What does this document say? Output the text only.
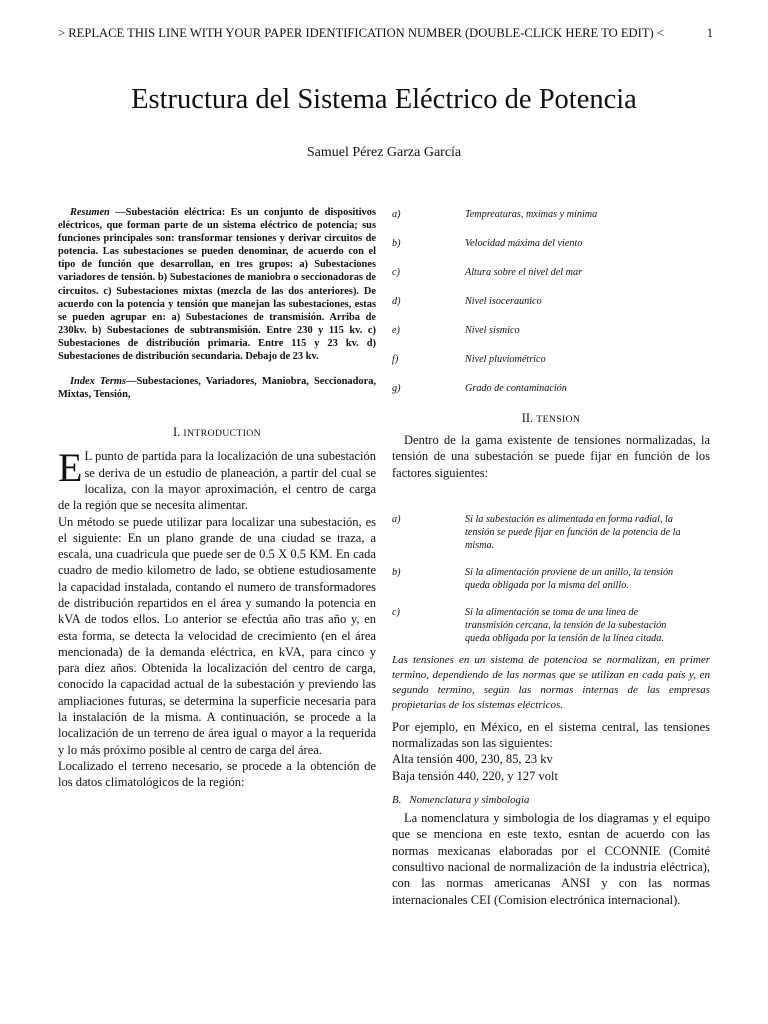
> REPLACE THIS LINE WITH YOUR PAPER IDENTIFICATION NUMBER (DOUBLE-CLICK HERE TO EDIT) <	1
Estructura del Sistema Eléctrico de Potencia
Samuel Pérez Garza García
Resumen —Subestación eléctrica: Es un conjunto de dispositivos eléctricos, que forman parte de un sistema eléctrico de potencia; sus funciones principales son: transformar tensiones y derivar circuitos de potencia. Las subestaciones se pueden denominar, de acuerdo con el tipo de función que desarrollan, en tres grupos: a) Subestaciones variadores de tensión. b) Subestaciones de maniobra o seccionadoras de circuitos. c) Subestaciones mixtas (mezcla de las dos anteriores). De acuerdo con la potencia y tensión que manejan las subestaciones, estas se pueden agrupar en: a) Subestaciones de transmisión. Arriba de 230kv. b) Subestaciones de subtransmisión. Entre 230 y 115 kv. c) Subestaciones de distribución primaria. Entre 115 y 23 kv. d) Subestaciones de distribución secundaria. Debajo de 23 kv.
Index Terms—Subestaciones, Variadores, Maniobra, Seccionadora, Mixtas, Tensión,

I. INTRODUCTION

E L punto de partida para la localización de una subestación se deriva de un estudio de planeación, a partir del cual se localiza, con la mayor aproximación, el centro de carga de la región que se necesita alimentar.

Un método se puede utilizar para localizar una subestación, es el siguiente: En un plano grande de una ciudad se traza, a escala, una cuadricula que puede ser de 0.5 X 0.5 KM. En cada cuadro de medio kilometro de lado, se obtiene estudiosamente la capacidad instalada, contando el numero de transformadores de distribución repartidos en el área y sumando la potencia en kVA de todos ellos. Lo anterior se efectúa año tras año y, en esta forma, se detecta la velocidad de crecimiento (en el área mencionada) de la demanda eléctrica, en kVA, para cinco y para diez años. Obtenida la localización del centro de carga, conocido la capacidad actual de la subestación y previendo las ampliaciones futuras, se determina la superficie necesaria para la instalación de la misma. A continuación, se procede a la localización de un terreno de área igual o mayor a la requerida y lo más próximo posible al centro de carga del área.

Localizado el terreno necesario, se procede a la obtención de los datos climatológicos de la región:

a)	Tempreaturas, mximas y mínima
b)	Velocidad máxima del viento
c)	Altura sobre el nivel del mar
d)	Nivel isoceraunico
e)	Nivel sismico
f)	Nivel pluviométrico
g)	Grado de contaminación

II. TENSION

Dentro de la gama existente de tensiones normalizadas, la tensión de una subestación se puede fijar en función de los factores siguientes:

a)	Si la subestación es alimentada en forma radial, la tensión se puede fijar en función de la potencia de la misma.
b)	Si la alimentación proviene de un anillo, la tensión queda obligada por la misma del anillo.
c)	Si la alimentación se toma de una línea de transmisión cercana, la tensión de la subestación queda obligada por la tensión de la línea citada.

Las tensiones en un sistema de potencioa se normalizan, en primer termino, dependiendo de las normas que se utilizan en cada país y, en segundo termino, según las normas internas de las empresas propietarias de los sistemas eléctricos.

Por ejemplo, en México, en el sistema central, las tensiones normalizadas son las siguientes:

Alta tensión 400, 230, 85, 23 kv

Baja tensión 440, 220, y 127 volt

B.   Nomenclatura y simbologia

La nomenclatura y simbologia de los diagramas y el equipo que se menciona en este texto, esntan de acuerdo con las normas mexicanas elaboradas por el CCONNIE (Comité consultivo nacional de normalización de la industria eléctrica), con las normas americanas ANSI y con las normas internacionales CEI (Comision electrónica internacional).
